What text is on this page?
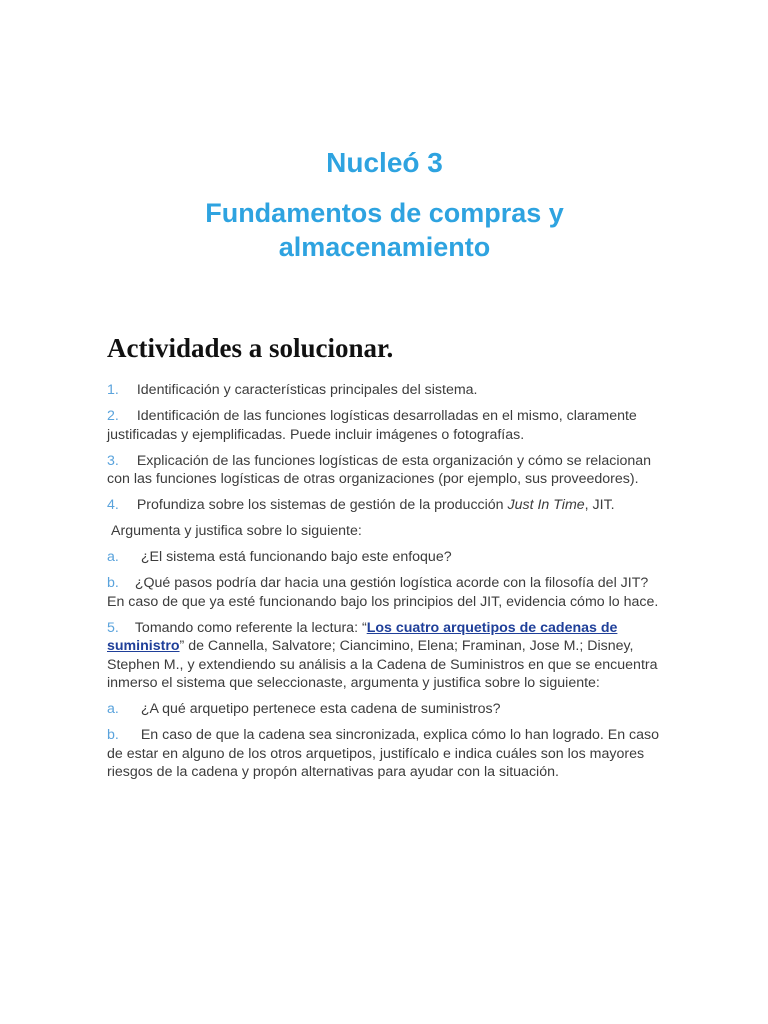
Nucleó 3

Fundamentos de compras y
almacenamiento

Actividades a solucionar.

1. Identificación y características principales del sistema.

2. Identificación de las funciones logísticas desarrolladas en el mismo, claramente justificadas y ejemplificadas. Puede incluir imágenes o fotografías.

3. Explicación de las funciones logísticas de esta organización y cómo se relacionan con las funciones logísticas de otras organizaciones (por ejemplo, sus proveedores).

4. Profundiza sobre los sistemas de gestión de la producción Just In Time, JIT.

Argumenta y justifica sobre lo siguiente:

a. ¿El sistema está funcionando bajo este enfoque?

b. ¿Qué pasos podría dar hacia una gestión logística acorde con la filosofía del JIT? En caso de que ya esté funcionando bajo los principios del JIT, evidencia cómo lo hace.

5. Tomando como referente la lectura: “Los cuatro arquetipos de cadenas de suministro” de Cannella, Salvatore; Ciancimino, Elena; Framinan, Jose M.; Disney, Stephen M., y extendiendo su análisis a la Cadena de Suministros en que se encuentra inmerso el sistema que seleccionaste, argumenta y justifica sobre lo siguiente:

a. ¿A qué arquetipo pertenece esta cadena de suministros?

b. En caso de que la cadena sea sincronizada, explica cómo lo han logrado. En caso de estar en alguno de los otros arquetipos, justifícalo e indica cuáles son los mayores riesgos de la cadena y propón alternativas para ayudar con la situación.
